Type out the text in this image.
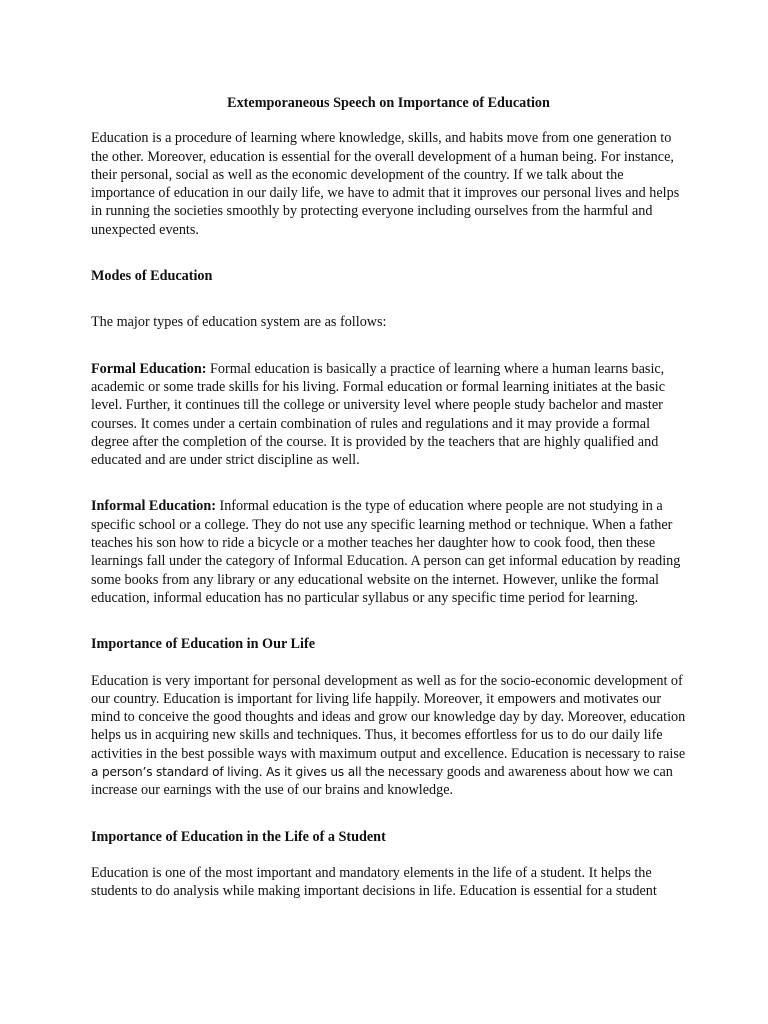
Extemporaneous Speech on Importance of Education

Education is a procedure of learning where knowledge, skills, and habits move from one generation to the other. Moreover, education is essential for the overall development of a human being. For instance, their personal, social as well as the economic development of the country. If we talk about the importance of education in our daily life, we have to admit that it improves our personal lives and helps in running the societies smoothly by protecting everyone including ourselves from the harmful and unexpected events.

Modes of Education

The major types of education system are as follows:

Formal Education: Formal education is basically a practice of learning where a human learns basic, academic or some trade skills for his living. Formal education or formal learning initiates at the basic level. Further, it continues till the college or university level where people study bachelor and master courses. It comes under a certain combination of rules and regulations and it may provide a formal degree after the completion of the course. It is provided by the teachers that are highly qualified and educated and are under strict discipline as well.

Informal Education: Informal education is the type of education where people are not studying in a specific school or a college. They do not use any specific learning method or technique. When a father teaches his son how to ride a bicycle or a mother teaches her daughter how to cook food, then these learnings fall under the category of Informal Education. A person can get informal education by reading some books from any library or any educational website on the internet. However, unlike the formal education, informal education has no particular syllabus or any specific time period for learning.

Importance of Education in Our Life

Education is very important for personal development as well as for the socio-economic development of our country. Education is important for living life happily. Moreover, it empowers and motivates our mind to conceive the good thoughts and ideas and grow our knowledge day by day. Moreover, education helps us in acquiring new skills and techniques. Thus, it becomes effortless for us to do our daily life activities in the best possible ways with maximum output and excellence. Education is necessary to raise a person’s standard of living. As it gives us all the necessary goods and awareness about how we can increase our earnings with the use of our brains and knowledge.

Importance of Education in the Life of a Student

Education is one of the most important and mandatory elements in the life of a student. It helps the students to do analysis while making important decisions in life. Education is essential for a student
